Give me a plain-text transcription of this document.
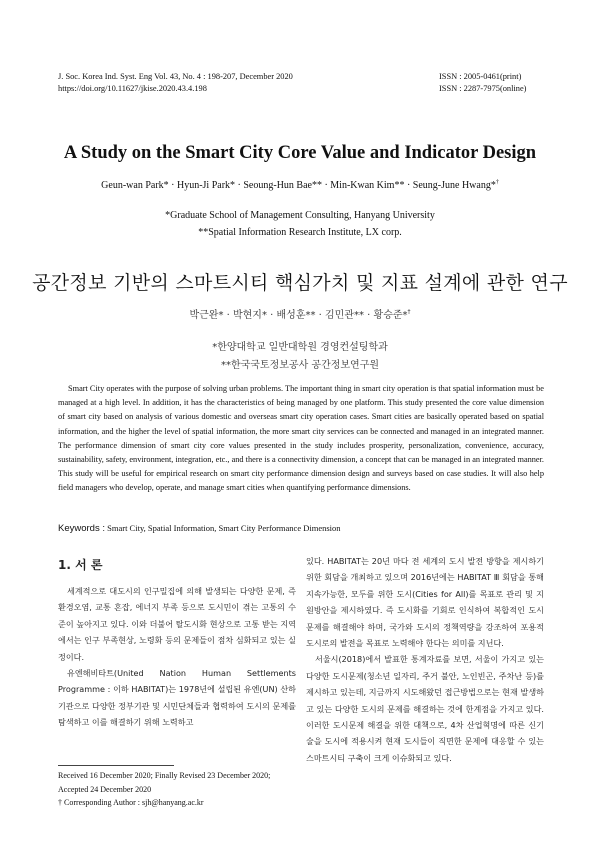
J. Soc. Korea Ind. Syst. Eng Vol. 43, No. 4 : 198-207, December 2020
https://doi.org/10.11627/jkise.2020.43.4.198
ISSN : 2005-0461(print)
ISSN : 2287-7975(online)
A Study on the Smart City Core Value and Indicator Design
Geun-wan Park* · Hyun-Ji Park* · Seoung-Hun Bae** · Min-Kwan Kim** · Seung-June Hwang*†
*Graduate School of Management Consulting, Hanyang University
**Spatial Information Research Institute, LX corp.
공간정보 기반의 스마트시티 핵심가치 및 지표 설계에 관한 연구
박근완* · 박현지* · 배성훈** · 김민관** · 황승준*†
*한양대학교 일반대학원 경영컨설팅학과
**한국국토정보공사 공간정보연구원
Smart City operates with the purpose of solving urban problems. The important thing in smart city operation is that spatial information must be managed at a high level. In addition, it has the characteristics of being managed by one platform. This study presented the core value dimension of smart city based on analysis of various domestic and overseas smart city operation cases. Smart cities are basically operated based on spatial information, and the higher the level of spatial information, the more smart city services can be connected and managed in an integrated manner. The performance dimension of smart city core values presented in the study includes prosperity, personalization, convenience, accuracy, sustainability, safety, environment, integration, etc., and there is a connectivity dimension, a concept that can be managed in an integrated manner. This study will be useful for empirical research on smart city performance dimension design and surveys based on case studies. It will also help field managers who develop, operate, and manage smart cities when quantifying performance dimensions.
Keywords : Smart City, Spatial Information, Smart City Performance Dimension
1. 서 론

세계적으로 대도시의 인구밀집에 의해 발생되는 다양한 문제, 즉 환경오염, 교통 혼잡, 에너지 부족 등으로 도시민이 겪는 고통의 수준이 높아지고 있다. 이와 더불어 탈도시화 현상으로 고통 받는 지역에서는 인구 부족현상, 노령화 등의 문제들이 점차 심화되고 있는 실정이다.

유엔해비타트(United Nation Human Settlements Programme : 이하 HABITAT)는 1978년에 설립된 유엔(UN) 산하 기관으로 다양한 정부기관 및 시민단체들과 협력하여 도시의 문제를 탐색하고 이를 해결하기 위해 노력하고

있다. HABITAT는 20년 마다 전 세계의 도시 발전 방향을 제시하기 위한 회담을 개최하고 있으며 2016년에는 HABITAT Ⅲ 회담을 통해 지속가능한, 모두를 위한 도시(Cities for All)를 목표로 관리 및 지원방안을 제시하였다. 즉 도시화를 기회로 인식하여 복합적인 도시 문제를 해결해야 하며, 국가와 도시의 정책역량을 강조하여 포용적 도시로의 발전을 목표로 노력해야 한다는 의미를 지닌다.

서울시(2018)에서 발표한 통계자료를 보면, 서울이 가지고 있는 다양한 도시문제(청소년 일자리, 주거 불안, 노인빈곤, 주차난 등)를 제시하고 있는데, 지금까지 시도해왔던 접근방법으로는 현재 발생하고 있는 다양한 도시의 문제를 해결하는 것에 한계점을 가지고 있다. 이러한 도시문제 해결을 위한 대책으로, 4차 산업혁명에 따른 신기술을 도시에 적용시켜 현재 도시들이 직면한 문제에 대응할 수 있는 스마트시티 구축이 크게 이슈화되고 있다.

Received 16 December 2020; Finally Revised 23 December 2020;
Accepted 24 December 2020
† Corresponding Author : sjh@hanyang.ac.kr
